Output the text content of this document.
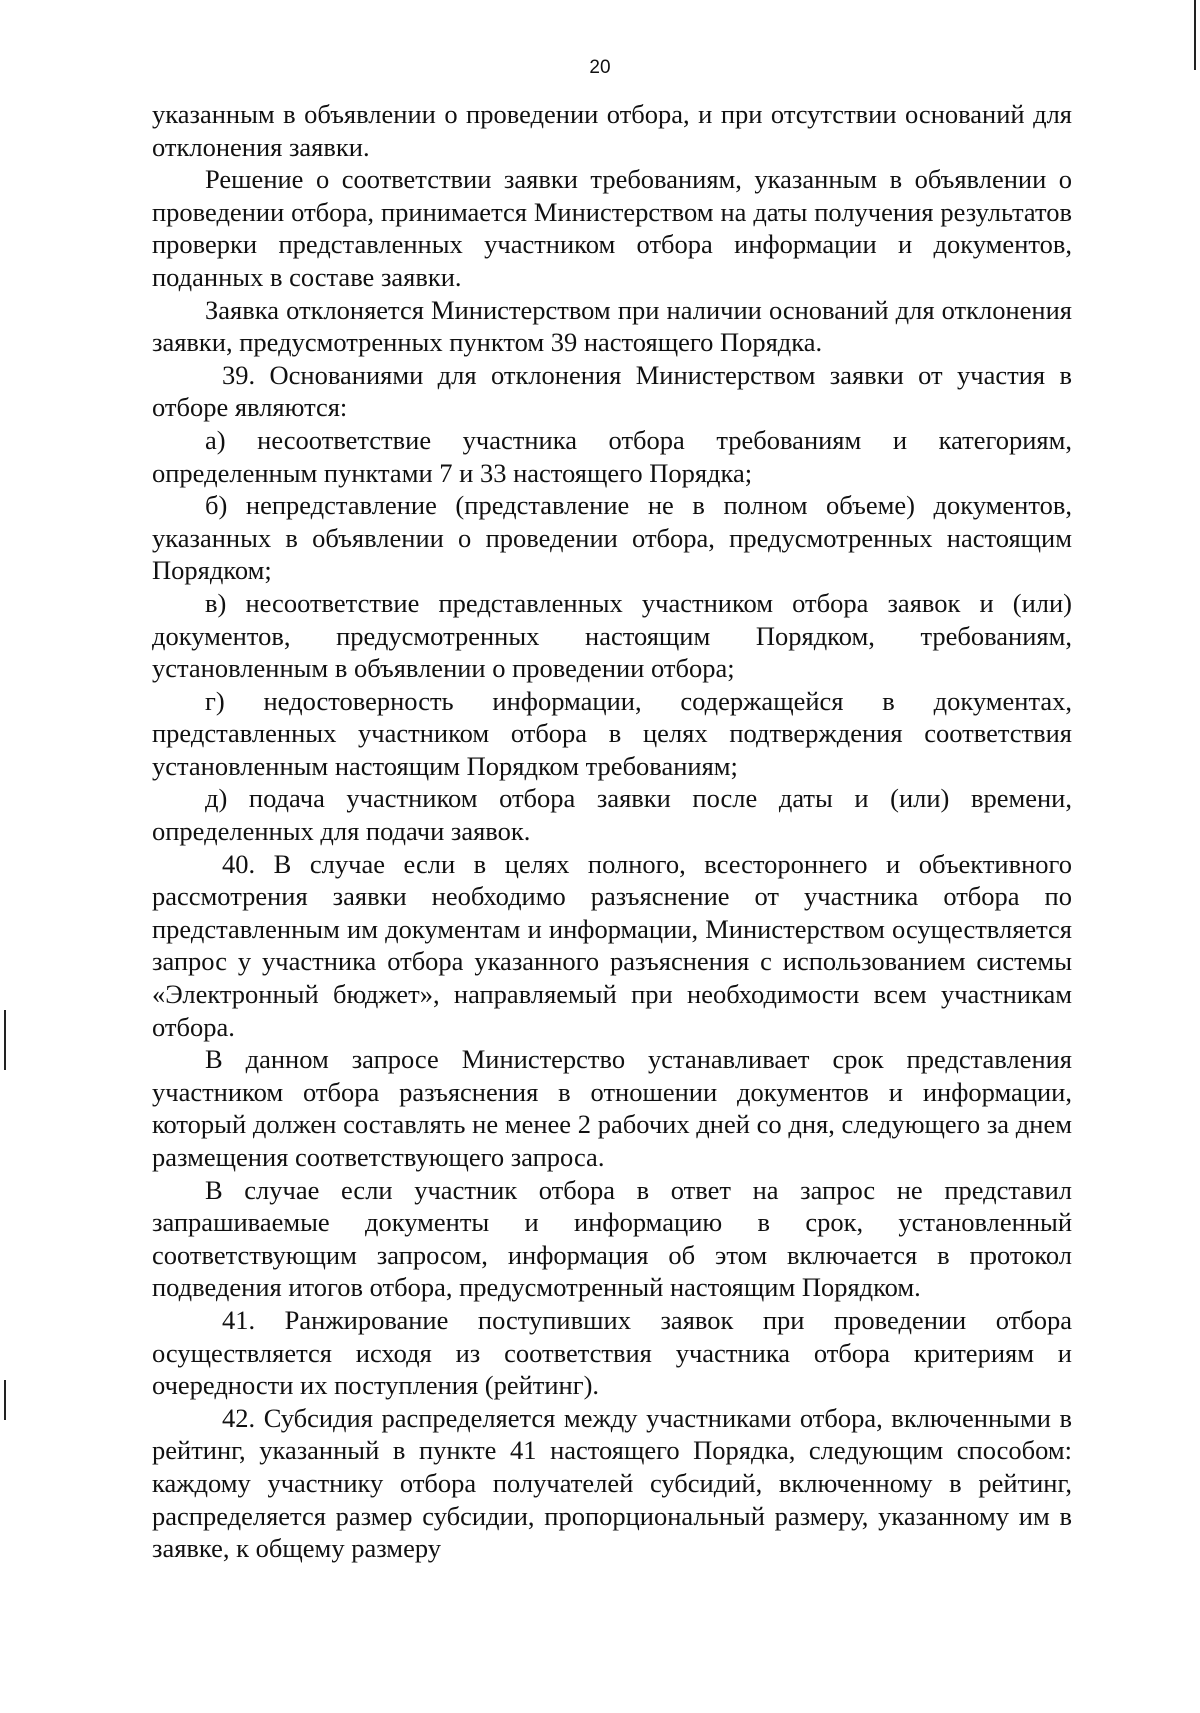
20

указанным в объявлении о проведении отбора, и при отсутствии оснований для отклонения заявки.

Решение о соответствии заявки требованиям, указанным в объявлении о проведении отбора, принимается Министерством на даты получения результатов проверки представленных участником отбора информации и документов, поданных в составе заявки.

Заявка отклоняется Министерством при наличии оснований для отклонения заявки, предусмотренных пунктом 39 настоящего Порядка.

39. Основаниями для отклонения Министерством заявки от участия в отборе являются:

а) несоответствие участника отбора требованиям и категориям, определенным пунктами 7 и 33 настоящего Порядка;

б) непредставление (представление не в полном объеме) документов, указанных в объявлении о проведении отбора, предусмотренных настоящим Порядком;

в) несоответствие представленных участником отбора заявок и (или) документов, предусмотренных настоящим Порядком, требованиям, установленным в объявлении о проведении отбора;

г) недостоверность информации, содержащейся в документах, представленных участником отбора в целях подтверждения соответствия установленным настоящим Порядком требованиям;

д) подача участником отбора заявки после даты и (или) времени, определенных для подачи заявок.

40. В случае если в целях полного, всестороннего и объективного рассмотрения заявки необходимо разъяснение от участника отбора по представленным им документам и информации, Министерством осуществляется запрос у участника отбора указанного разъяснения с использованием системы «Электронный бюджет», направляемый при необходимости всем участникам отбора.

В данном запросе Министерство устанавливает срок представления участником отбора разъяснения в отношении документов и информации, который должен составлять не менее 2 рабочих дней со дня, следующего за днем размещения соответствующего запроса.

В случае если участник отбора в ответ на запрос не представил запрашиваемые документы и информацию в срок, установленный соответствующим запросом, информация об этом включается в протокол подведения итогов отбора, предусмотренный настоящим Порядком.

41. Ранжирование поступивших заявок при проведении отбора осуществляется исходя из соответствия участника отбора критериям и очередности их поступления (рейтинг).

42. Субсидия распределяется между участниками отбора, включенными в рейтинг, указанный в пункте 41 настоящего Порядка, следующим способом: каждому участнику отбора получателей субсидий, включенному в рейтинг, распределяется размер субсидии, пропорциональный размеру, указанному им в заявке, к общему размеру
